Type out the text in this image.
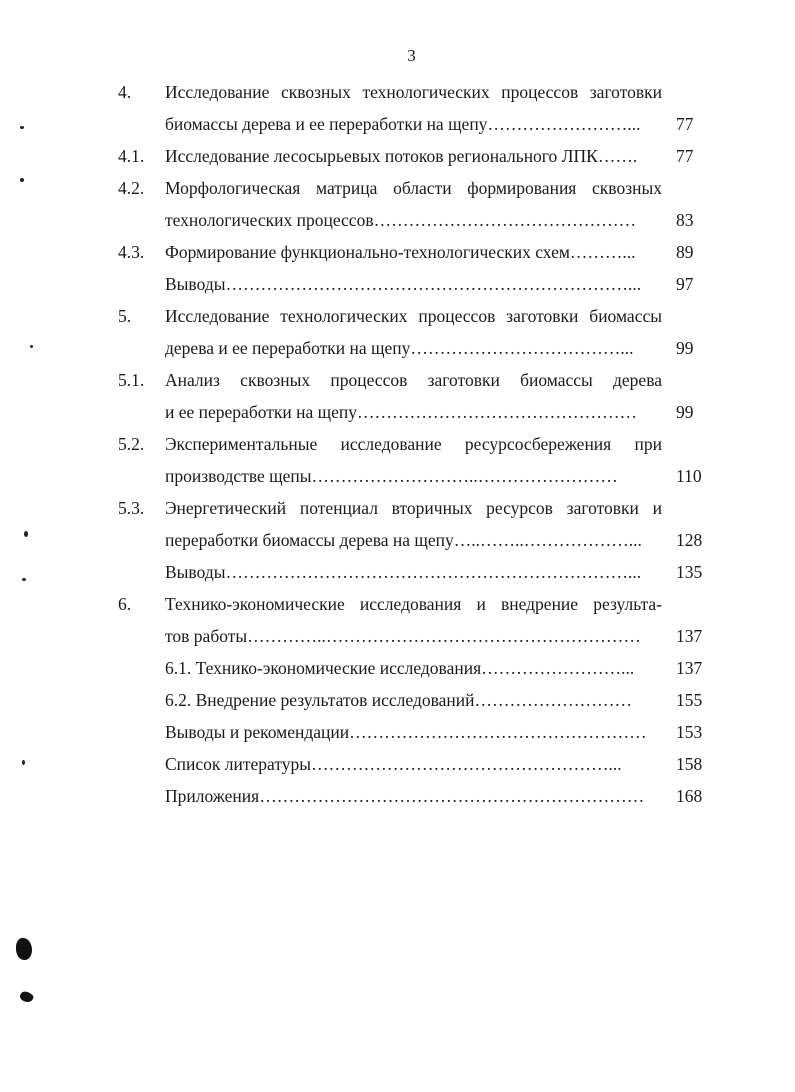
3
4. Исследование сквозных технологических процессов заготовки
биомассы дерева и ее переработки на щепу……………………...	77
4.1. Исследование лесосырьевых потоков регионального ЛПК…….	77
4.2. Морфологическая матрица области формирования сквозных
технологических процессов………………………………………	83
4.3. Формирование функционально-технологических схем………...	89
Выводы……………………………………………………………...	97
5. Исследование технологических процессов заготовки биомассы
дерева и ее переработки на щепу………………………………...	99
5.1. Анализ сквозных процессов заготовки биомассы дерева
и ее переработки на щепу…………………………………………	99
5.2. Экспериментальные исследование ресурсосбережения при
производстве щепы………………………..……………………	110
5.3. Энергетический потенциал вторичных ресурсов заготовки и
переработки биомассы дерева на щепу…..……..………………...	128
Выводы……………………………………………………………...	135
6. Технико-экономические исследования и внедрение результа-
тов работы…………..………………………………………………	137
6.1. Технико-экономические исследования……………………...	137
6.2. Внедрение результатов исследований………………………	155
Выводы и рекомендации……………………………………………	153
Список литературы……………………………………………...	158
Приложения…………………………………………………………	168
